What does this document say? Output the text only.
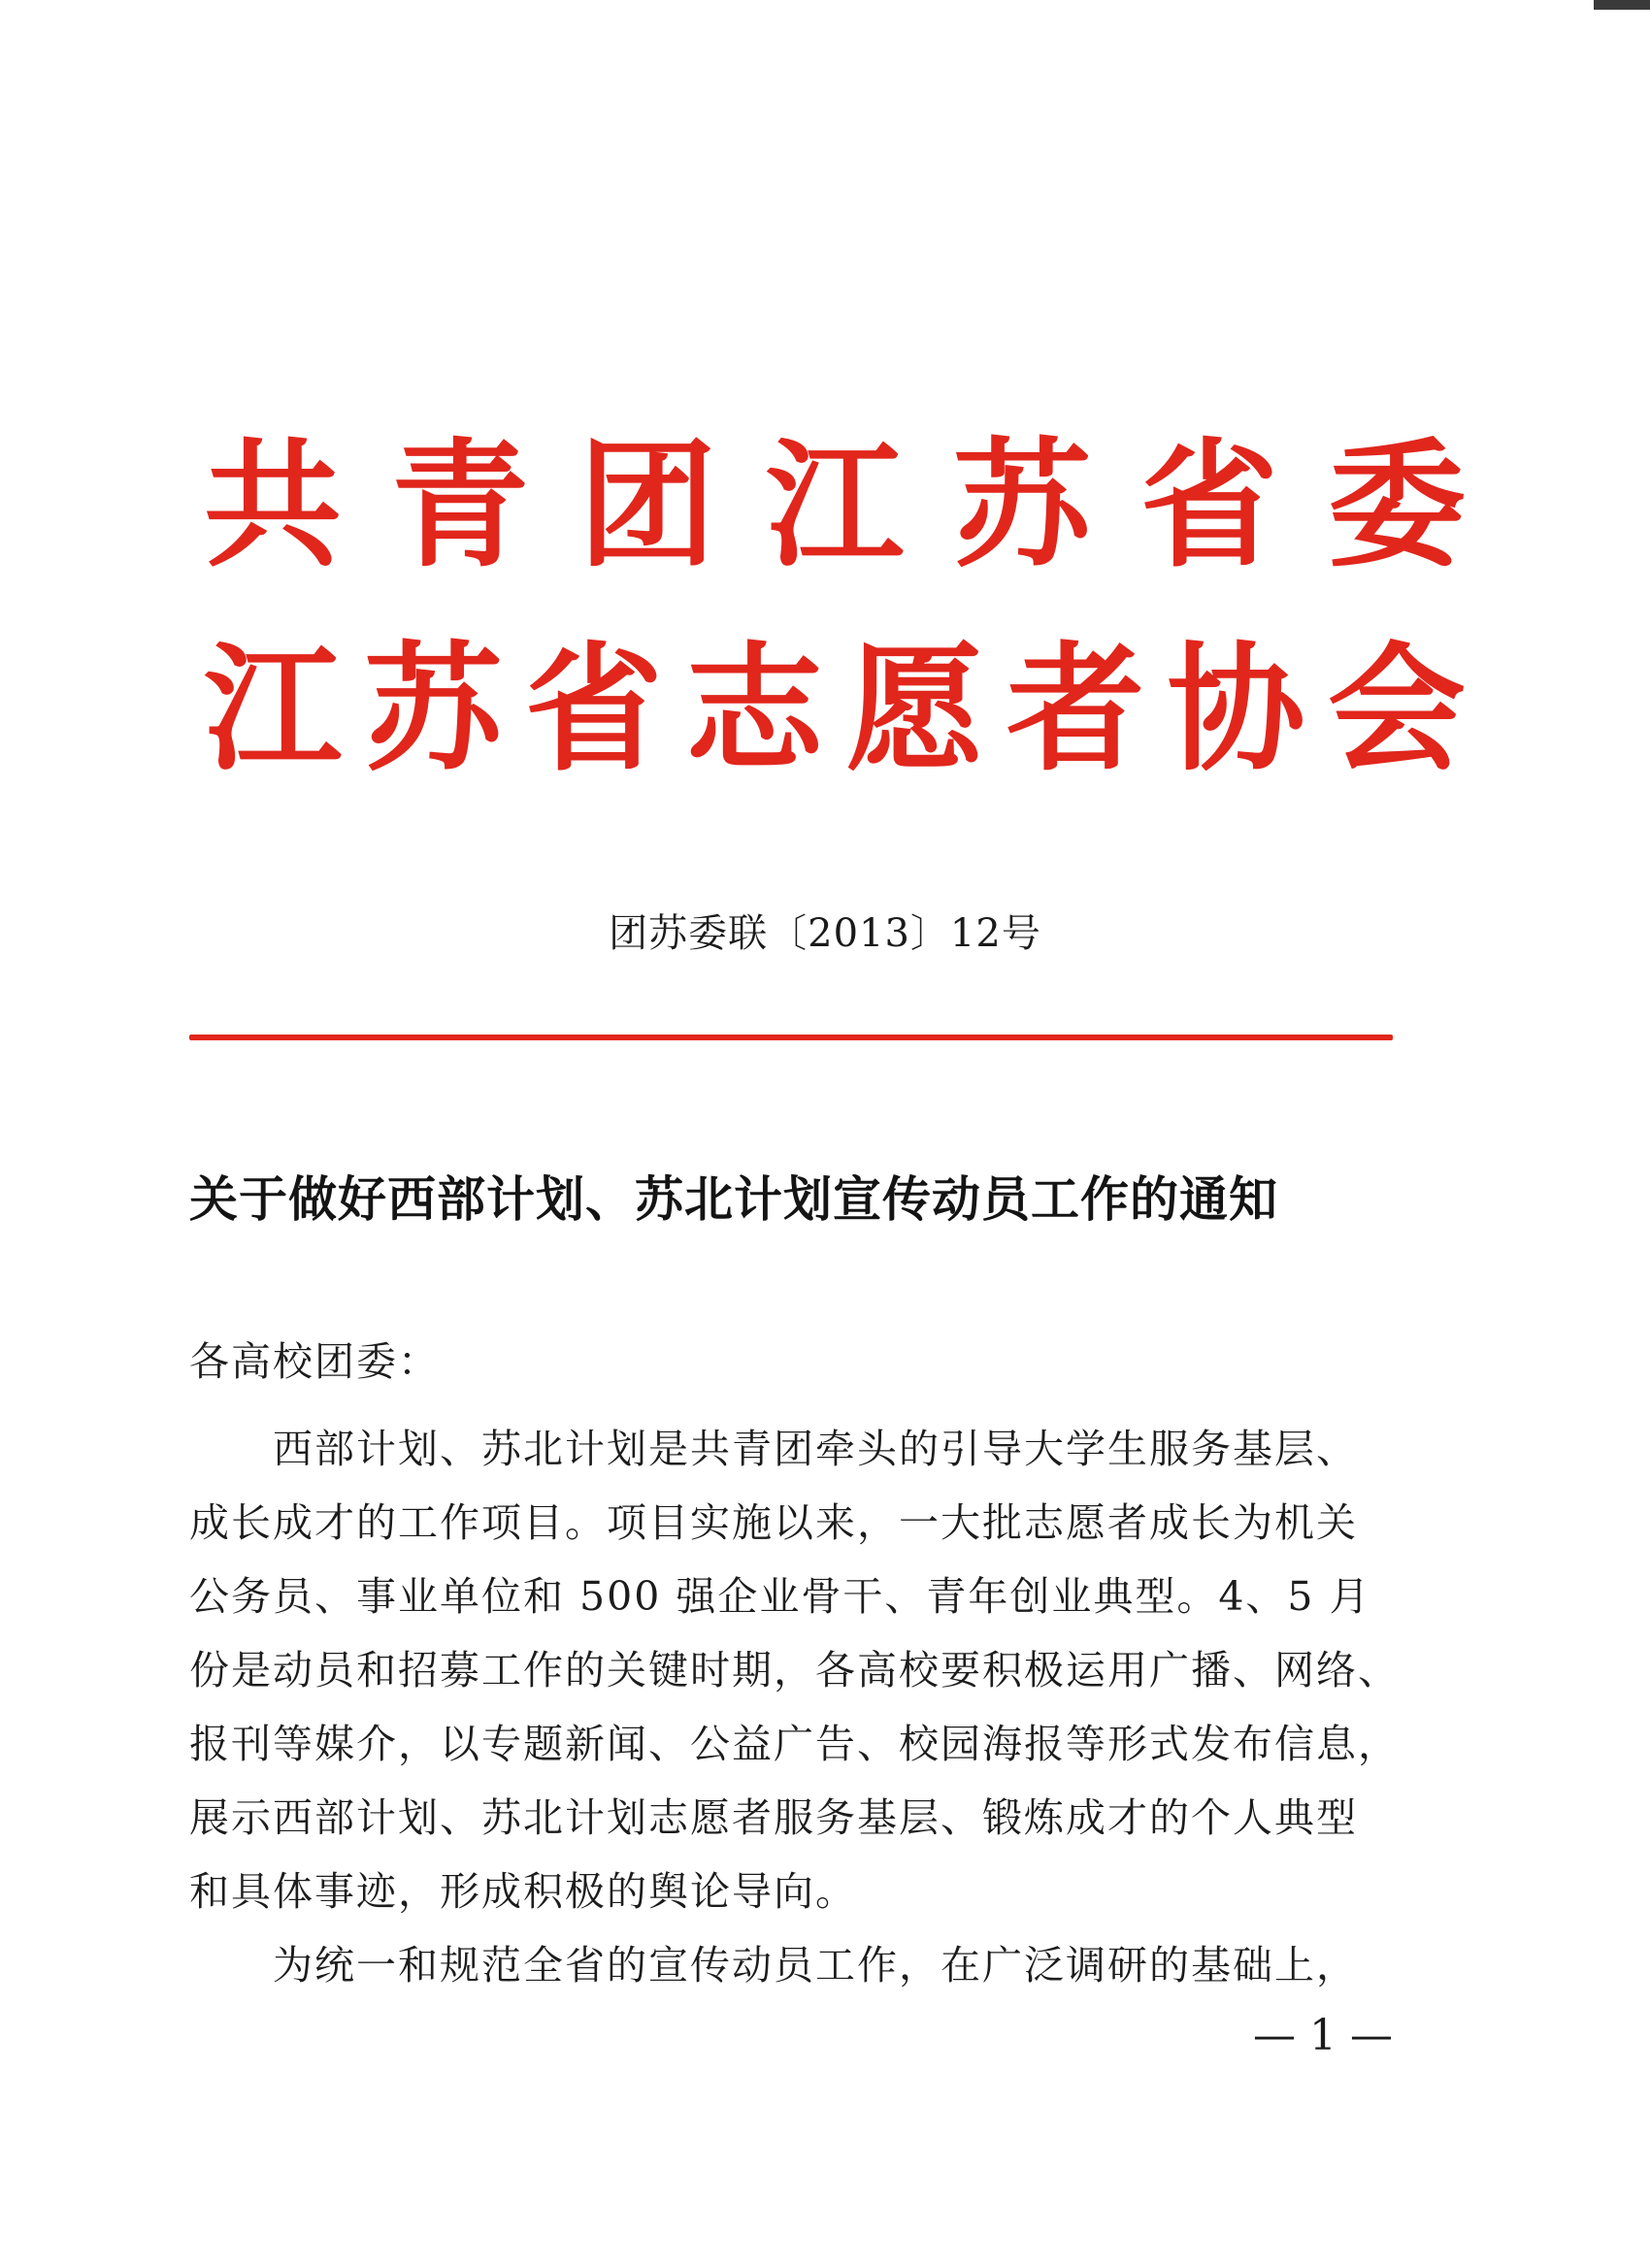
共 青 团 江 苏 省 委
江 苏 省 志 愿 者 协 会
团苏委联〔2013〕12号
关于做好西部计划、苏北计划宣传动员工作的通知
各高校团委：
　　西部计划、苏北计划是共青团牵头的引导大学生服务基层、
成长成才的工作项目。项目实施以来，一大批志愿者成长为机关
公务员、事业单位和 500 强企业骨干、青年创业典型。4、5 月
份是动员和招募工作的关键时期，各高校要积极运用广播、网络、
报刊等媒介，以专题新闻、公益广告、校园海报等形式发布信息，
展示西部计划、苏北计划志愿者服务基层、锻炼成才的个人典型
和具体事迹，形成积极的舆论导向。
　　为统一和规范全省的宣传动员工作，在广泛调研的基础上，
— 1 —
